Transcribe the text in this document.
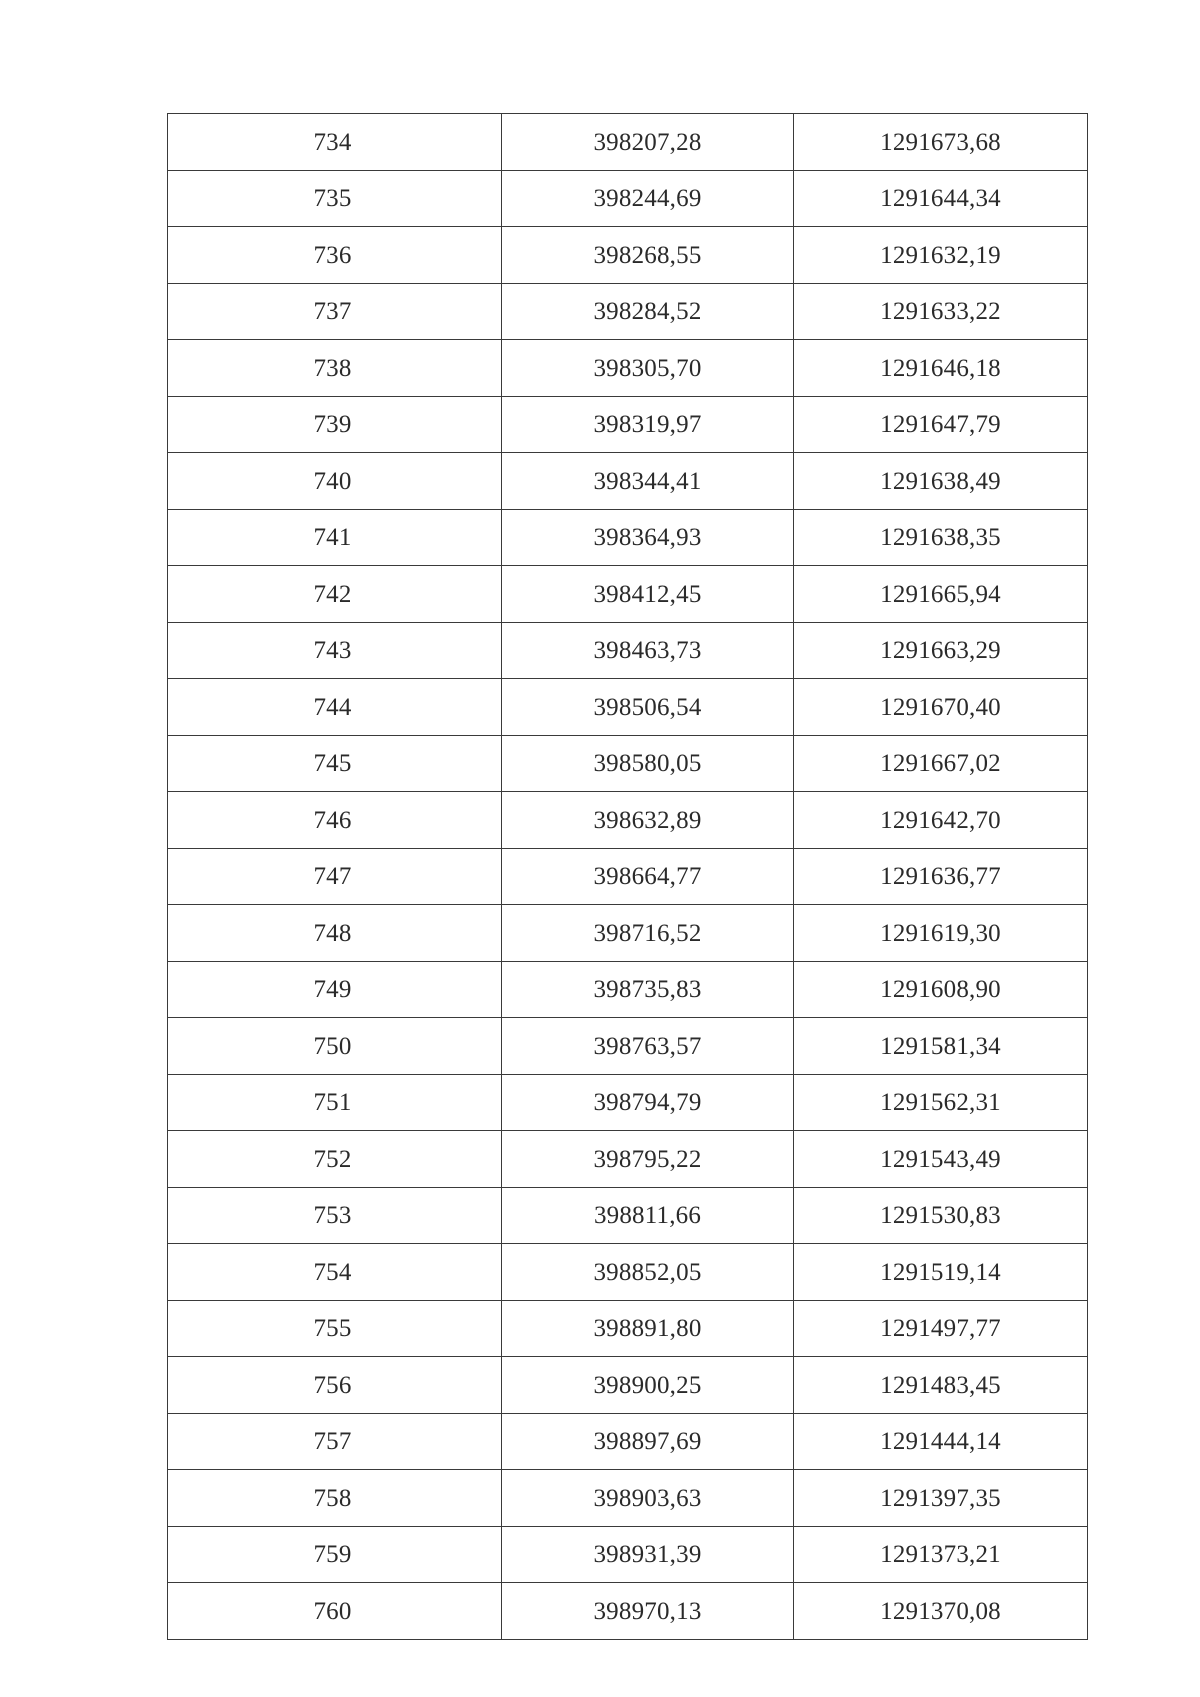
734	398207,28	1291673,68
735	398244,69	1291644,34
736	398268,55	1291632,19
737	398284,52	1291633,22
738	398305,70	1291646,18
739	398319,97	1291647,79
740	398344,41	1291638,49
741	398364,93	1291638,35
742	398412,45	1291665,94
743	398463,73	1291663,29
744	398506,54	1291670,40
745	398580,05	1291667,02
746	398632,89	1291642,70
747	398664,77	1291636,77
748	398716,52	1291619,30
749	398735,83	1291608,90
750	398763,57	1291581,34
751	398794,79	1291562,31
752	398795,22	1291543,49
753	398811,66	1291530,83
754	398852,05	1291519,14
755	398891,80	1291497,77
756	398900,25	1291483,45
757	398897,69	1291444,14
758	398903,63	1291397,35
759	398931,39	1291373,21
760	398970,13	1291370,08
